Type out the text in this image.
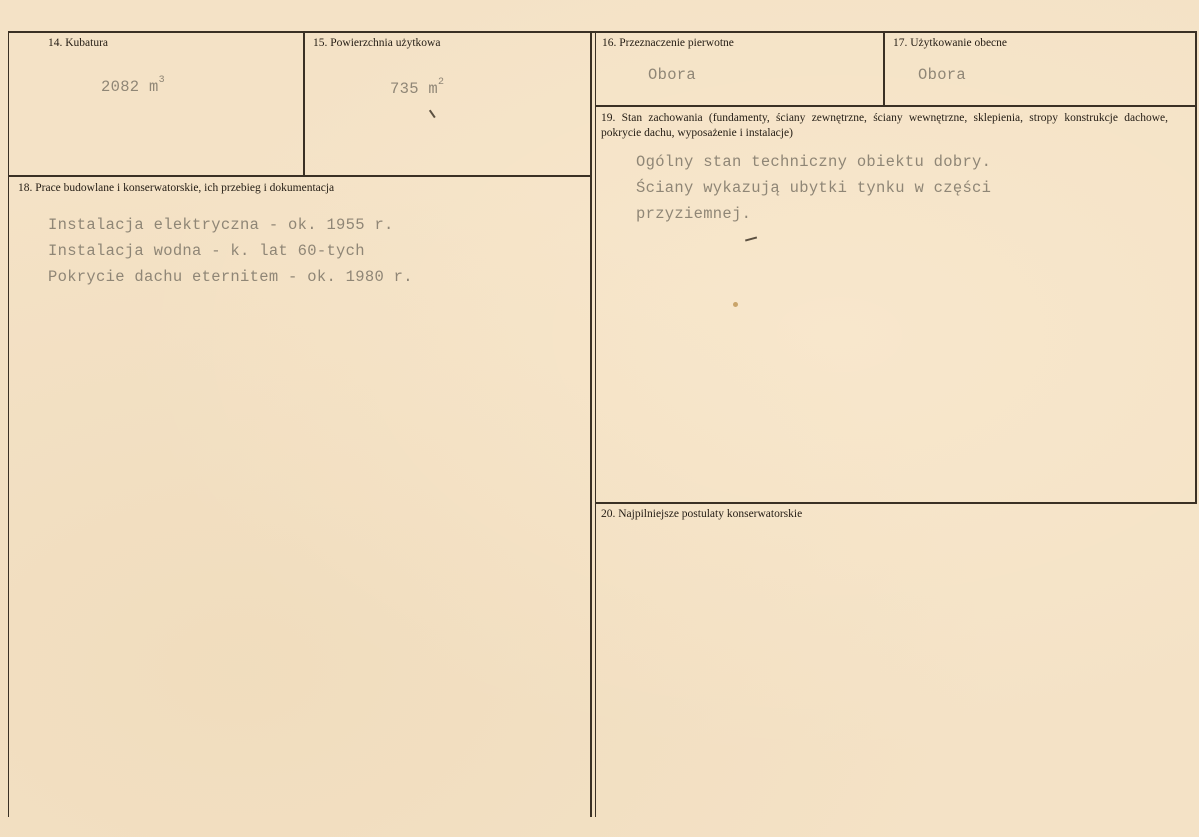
14. Kubatura
2082 $m^3$
15. Powierzchnia użytkowa
735 $m^2$
16. Przeznaczenie pierwotne
Obora
17. Użytkowanie obecne
Obora
18. Prace budowlane i konserwatorskie, ich przebieg i dokumentacja
Instalacja elektryczna - ok. 1955 r.
Instalacja wodna - k. lat 60-tych
Pokrycie dachu eternitem - ok. 1980 r.
19. Stan zachowania (fundamenty, ściany zewnętrzne, ściany wewnętrzne, sklepienia, stropy konstrukcje dachowe, pokrycie dachu, wyposażenie i instalacje)
Ogólny stan techniczny obiektu dobry.
Ściany wykazują ubytki tynku w części
przyziemnej.
20. Najpilniejsze postulaty konserwatorskie
